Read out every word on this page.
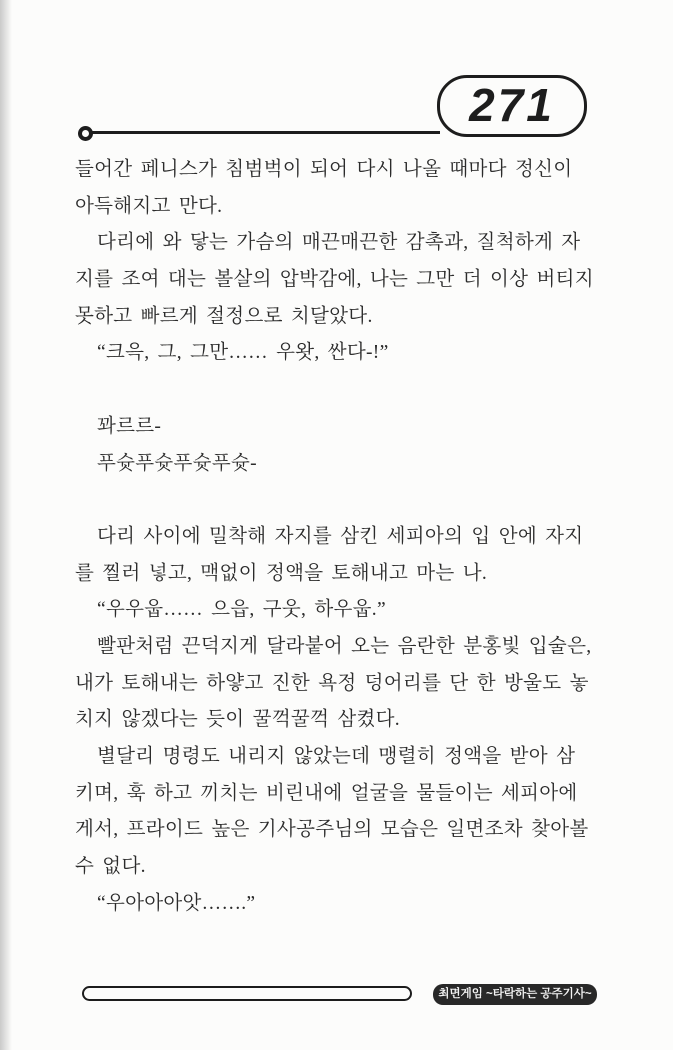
271
들어간 페니스가 침범벅이 되어 다시 나올 때마다 정신이
아득해지고 만다.
다리에 와 닿는 가슴의 매끈매끈한 감촉과, 질척하게 자
지를 조여 대는 볼살의 압박감에, 나는 그만 더 이상 버티지
못하고 빠르게 절정으로 치달았다.
“크윽, 그, 그만…… 우왓, 싼다-!”
꽈르르-
푸슛푸슛푸슛푸슛-
다리 사이에 밀착해 자지를 삼킨 세피아의 입 안에 자지
를 찔러 넣고, 맥없이 정액을 토해내고 마는 나.
“우우웁…… 으읍, 구웃, 하우웁.”
빨판처럼 끈덕지게 달라붙어 오는 음란한 분홍빛 입술은,
내가 토해내는 하얗고 진한 욕정 덩어리를 단 한 방울도 놓
치지 않겠다는 듯이 꿀꺽꿀꺽 삼켰다.
별달리 명령도 내리지 않았는데 맹렬히 정액을 받아 삼
키며, 훅 하고 끼치는 비린내에 얼굴을 물들이는 세피아에
게서, 프라이드 높은 기사공주님의 모습은 일면조차 찾아볼
수 없다.
“우아아아앗…….”
최면게임 ~타락하는 공주기사~
